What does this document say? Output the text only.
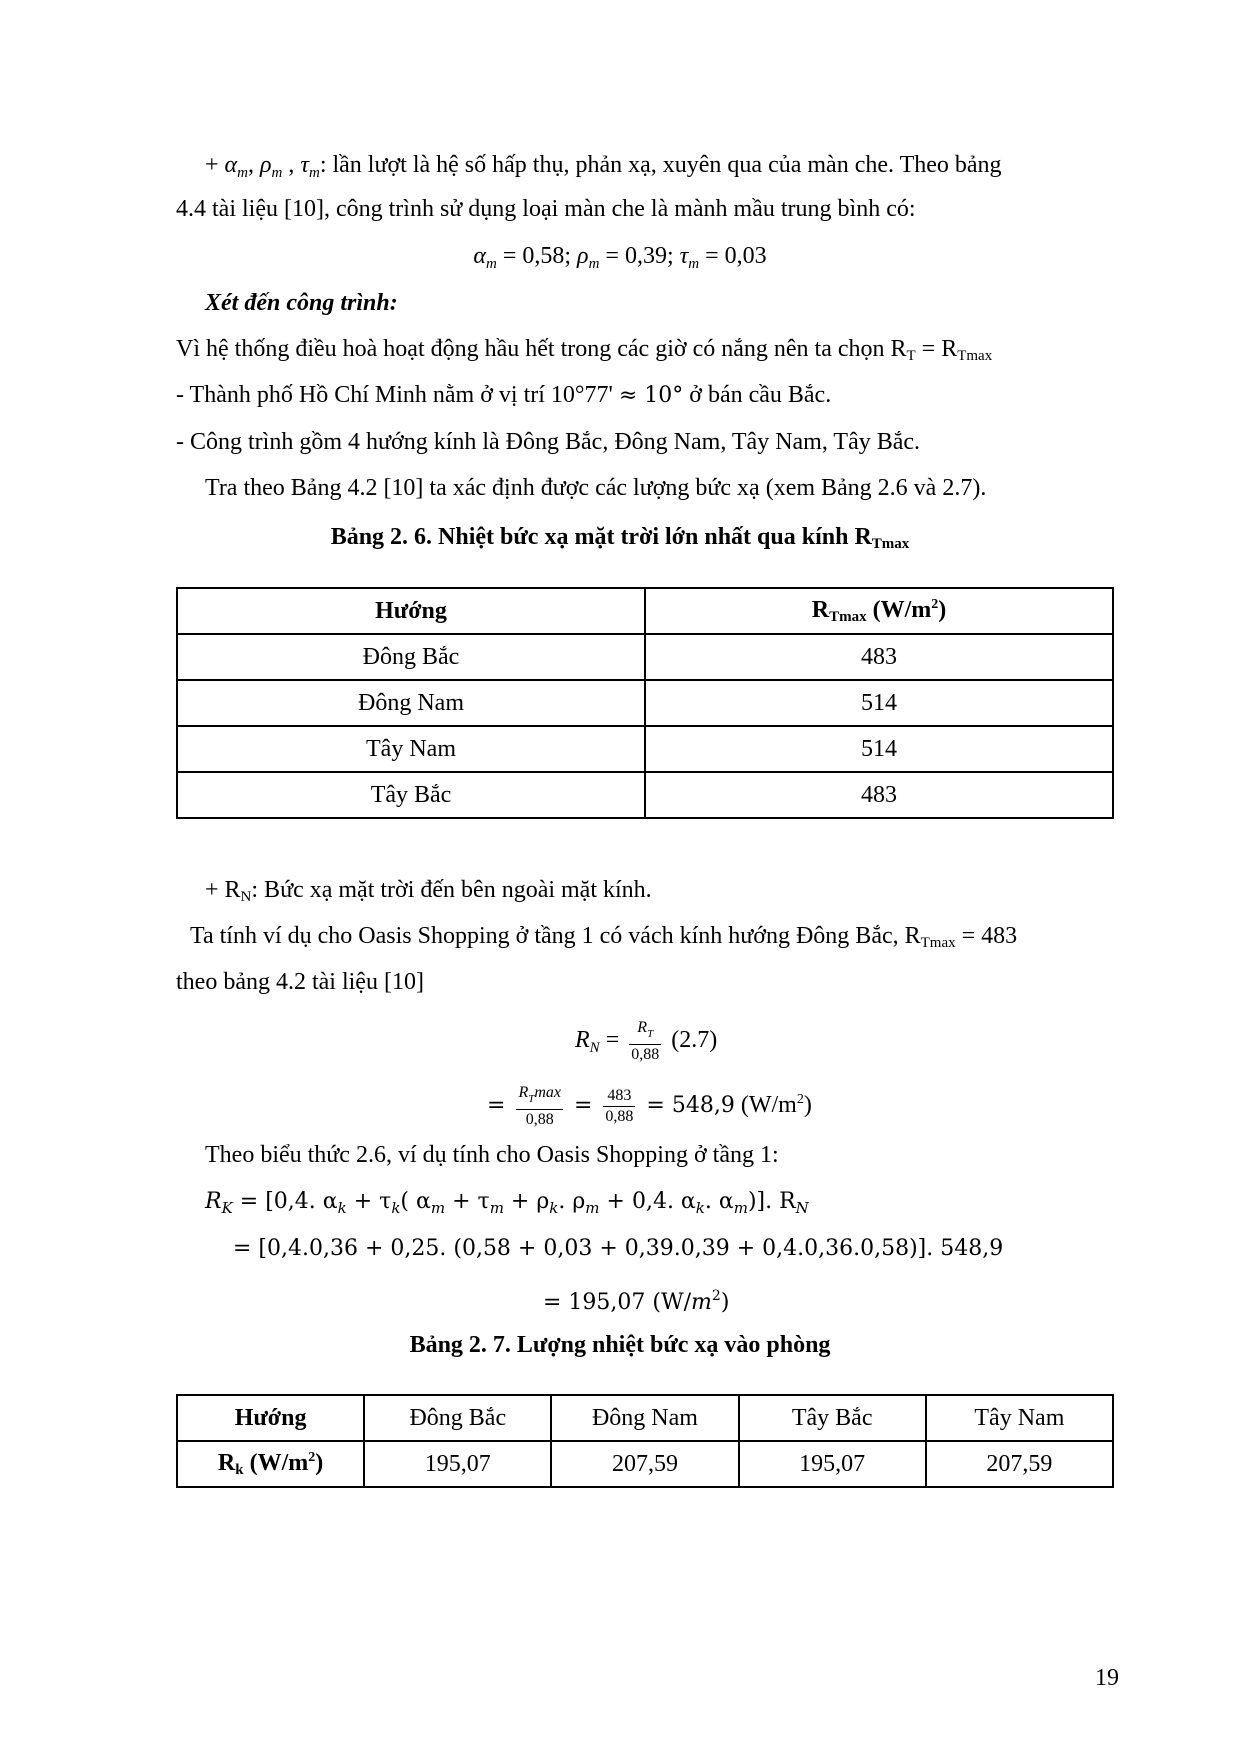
+ $\alpha_m$, $\rho_m$ , $\tau_m$: lần lượt là hệ số hấp thụ, phản xạ, xuyên qua của màn che. Theo bảng
4.4 tài liệu [10], công trình sử dụng loại màn che là mành mầu trung bình có:
$\alpha_m = 0,58$; $\rho_m = 0,39$; $\tau_m = 0,03$
Xét đến công trình:
Vì hệ thống điều hoà hoạt động hầu hết trong các giờ có nắng nên ta chọn RT = RTmax
- Thành phố Hồ Chí Minh nằm ở vị trí 10°77' ≈ 10° ở bán cầu Bắc.
- Công trình gồm 4 hướng kính là Đông Bắc, Đông Nam, Tây Nam, Tây Bắc.
Tra theo Bảng 4.2 [10] ta xác định được các lượng bức xạ (xem Bảng 2.6 và 2.7).
Bảng 2. 6. Nhiệt bức xạ mặt trời lớn nhất qua kính RTmax
Hướng	RTmax $(W/m^2)$
Đông Bắc	483
Đông Nam	514
Tây Nam	514
Tây Bắc	483
+ RN: Bức xạ mặt trời đến bên ngoài mặt kính.
Ta tính ví dụ cho Oasis Shopping ở tầng 1 có vách kính hướng Đông Bắc, RTmax = 483
theo bảng 4.2 tài liệu [10]
$R_N = \frac{R_T}{0,88} (2.7)$
= $\frac{R_T\max}{0,88} = \frac{483}{0,88} = 548,9$ $(W/m^2)$
Theo biểu thức 2.6, ví dụ tính cho Oasis Shopping ở tầng 1:
$R_K = [0,4$. $\alpha_k + \tau_k$( $\alpha_m + \tau_m + \rho_k$. $\rho_m + 0,4$. $\alpha_k$. $\alpha_m$)]. $R_N$
= [0,4.0,36 + 0,25. (0,58 + 0,03 + 0,39.0,39 + 0,4.0,36.0,58)]. 548,9
= 195,07 $(W/m^2)$
Bảng 2. 7. Lượng nhiệt bức xạ vào phòng
Hướng	Đông Bắc	Đông Nam	Tây Bắc	Tây Nam
Rk $(W/m^2)$	195,07	207,59	195,07	207,59
19
